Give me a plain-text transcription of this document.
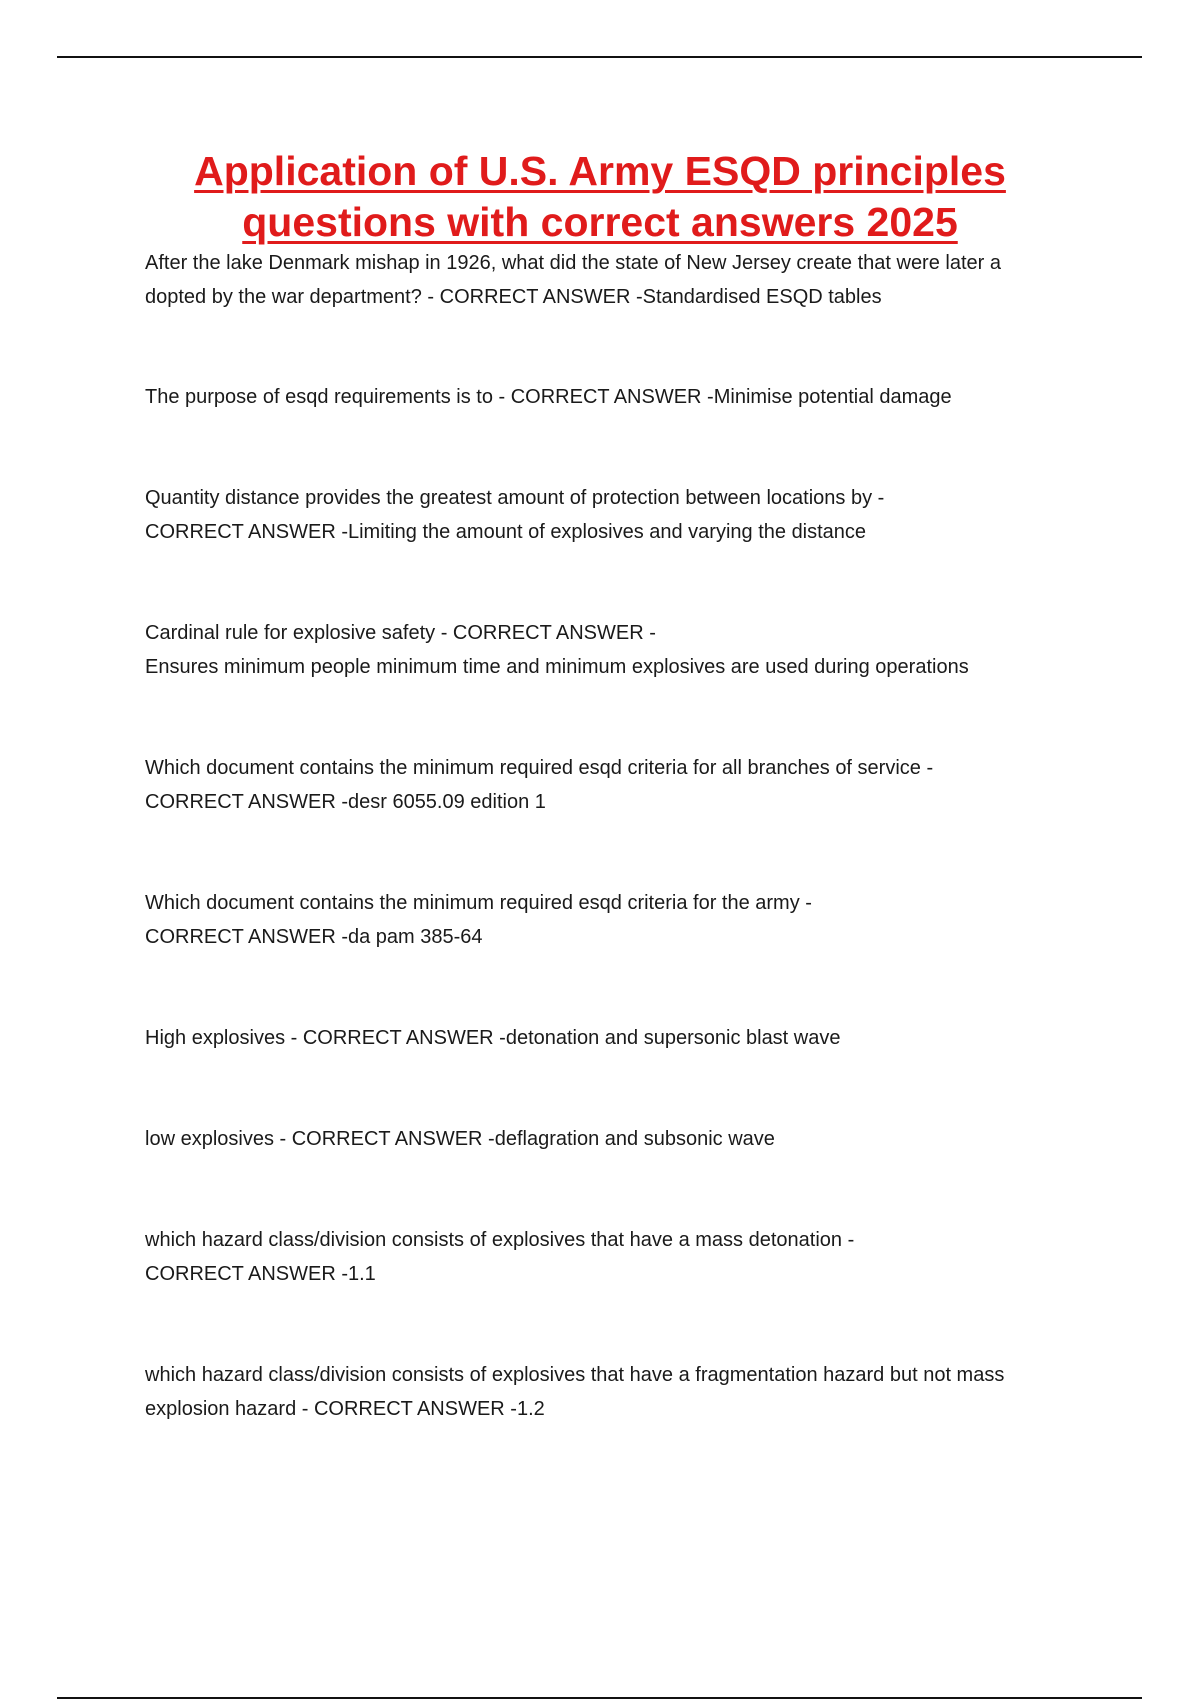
Application of U.S. Army ESQD principles
questions with correct answers 2025

After the lake Denmark mishap in 1926, what did the state of New Jersey create that were later a
dopted by the war department? - CORRECT ANSWER -Standardised ESQD tables

The purpose of esqd requirements is to - CORRECT ANSWER -Minimise potential damage

Quantity distance provides the greatest amount of protection between locations by -
CORRECT ANSWER -Limiting the amount of explosives and varying the distance

Cardinal rule for explosive safety - CORRECT ANSWER -
Ensures minimum people minimum time and minimum explosives are used during operations

Which document contains the minimum required esqd criteria for all branches of service -
CORRECT ANSWER -desr 6055.09 edition 1

Which document contains the minimum required esqd criteria for the army -
CORRECT ANSWER -da pam 385-64

High explosives - CORRECT ANSWER -detonation and supersonic blast wave

low explosives - CORRECT ANSWER -deflagration and subsonic wave

which hazard class/division consists of explosives that have a mass detonation -
CORRECT ANSWER -1.1

which hazard class/division consists of explosives that have a fragmentation hazard but not mass
explosion hazard - CORRECT ANSWER -1.2
